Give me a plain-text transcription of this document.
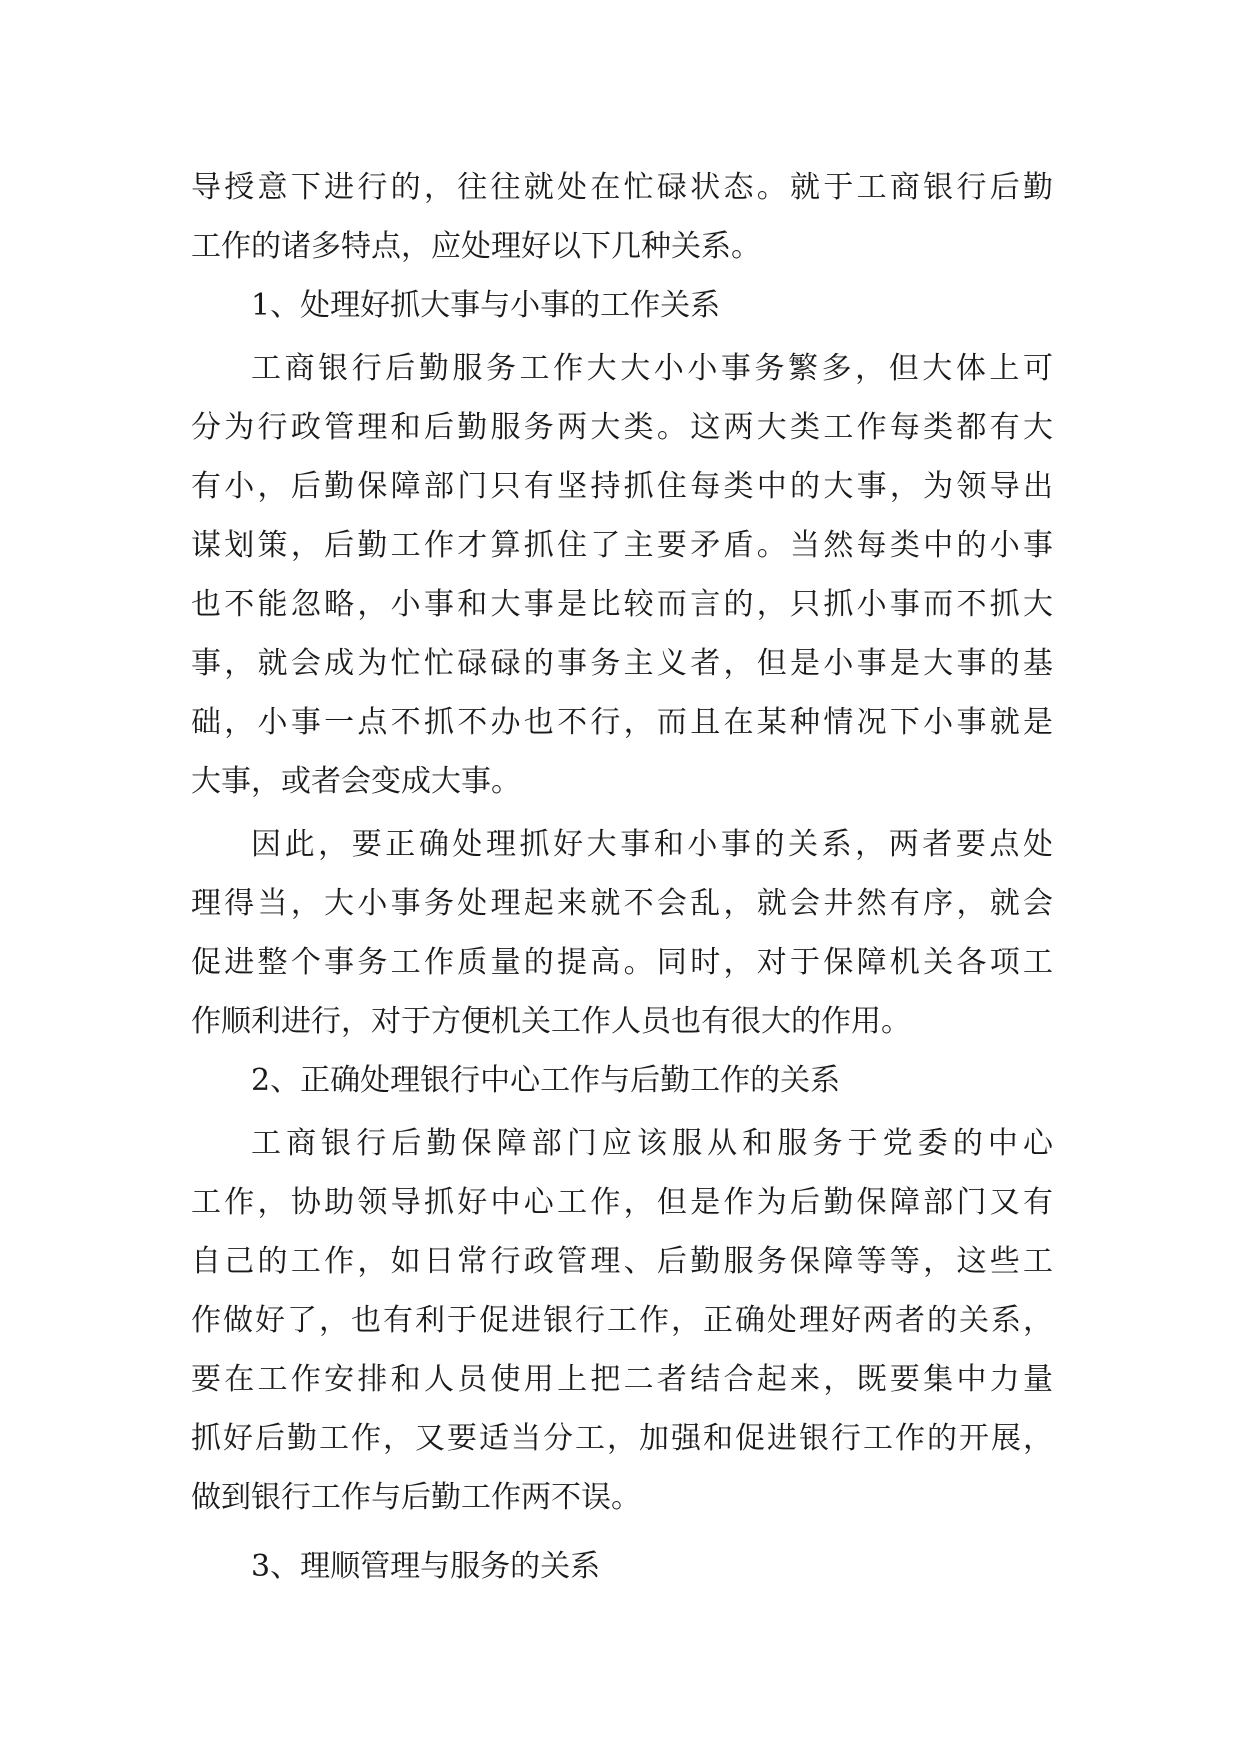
导授意下进行的，往往就处在忙碌状态。就于工商银行后勤
工作的诸多特点，应处理好以下几种关系。
1、处理好抓大事与小事的工作关系
工商银行后勤服务工作大大小小事务繁多，但大体上可
分为行政管理和后勤服务两大类。这两大类工作每类都有大
有小，后勤保障部门只有坚持抓住每类中的大事，为领导出
谋划策，后勤工作才算抓住了主要矛盾。当然每类中的小事
也不能忽略，小事和大事是比较而言的，只抓小事而不抓大
事，就会成为忙忙碌碌的事务主义者，但是小事是大事的基
础，小事一点不抓不办也不行，而且在某种情况下小事就是
大事，或者会变成大事。
因此，要正确处理抓好大事和小事的关系，两者要点处
理得当，大小事务处理起来就不会乱，就会井然有序，就会
促进整个事务工作质量的提高。同时，对于保障机关各项工
作顺利进行，对于方便机关工作人员也有很大的作用。
2、正确处理银行中心工作与后勤工作的关系
工商银行后勤保障部门应该服从和服务于党委的中心
工作，协助领导抓好中心工作，但是作为后勤保障部门又有
自己的工作，如日常行政管理、后勤服务保障等等，这些工
作做好了，也有利于促进银行工作，正确处理好两者的关系，
要在工作安排和人员使用上把二者结合起来，既要集中力量
抓好后勤工作，又要适当分工，加强和促进银行工作的开展，
做到银行工作与后勤工作两不误。
3、理顺管理与服务的关系
